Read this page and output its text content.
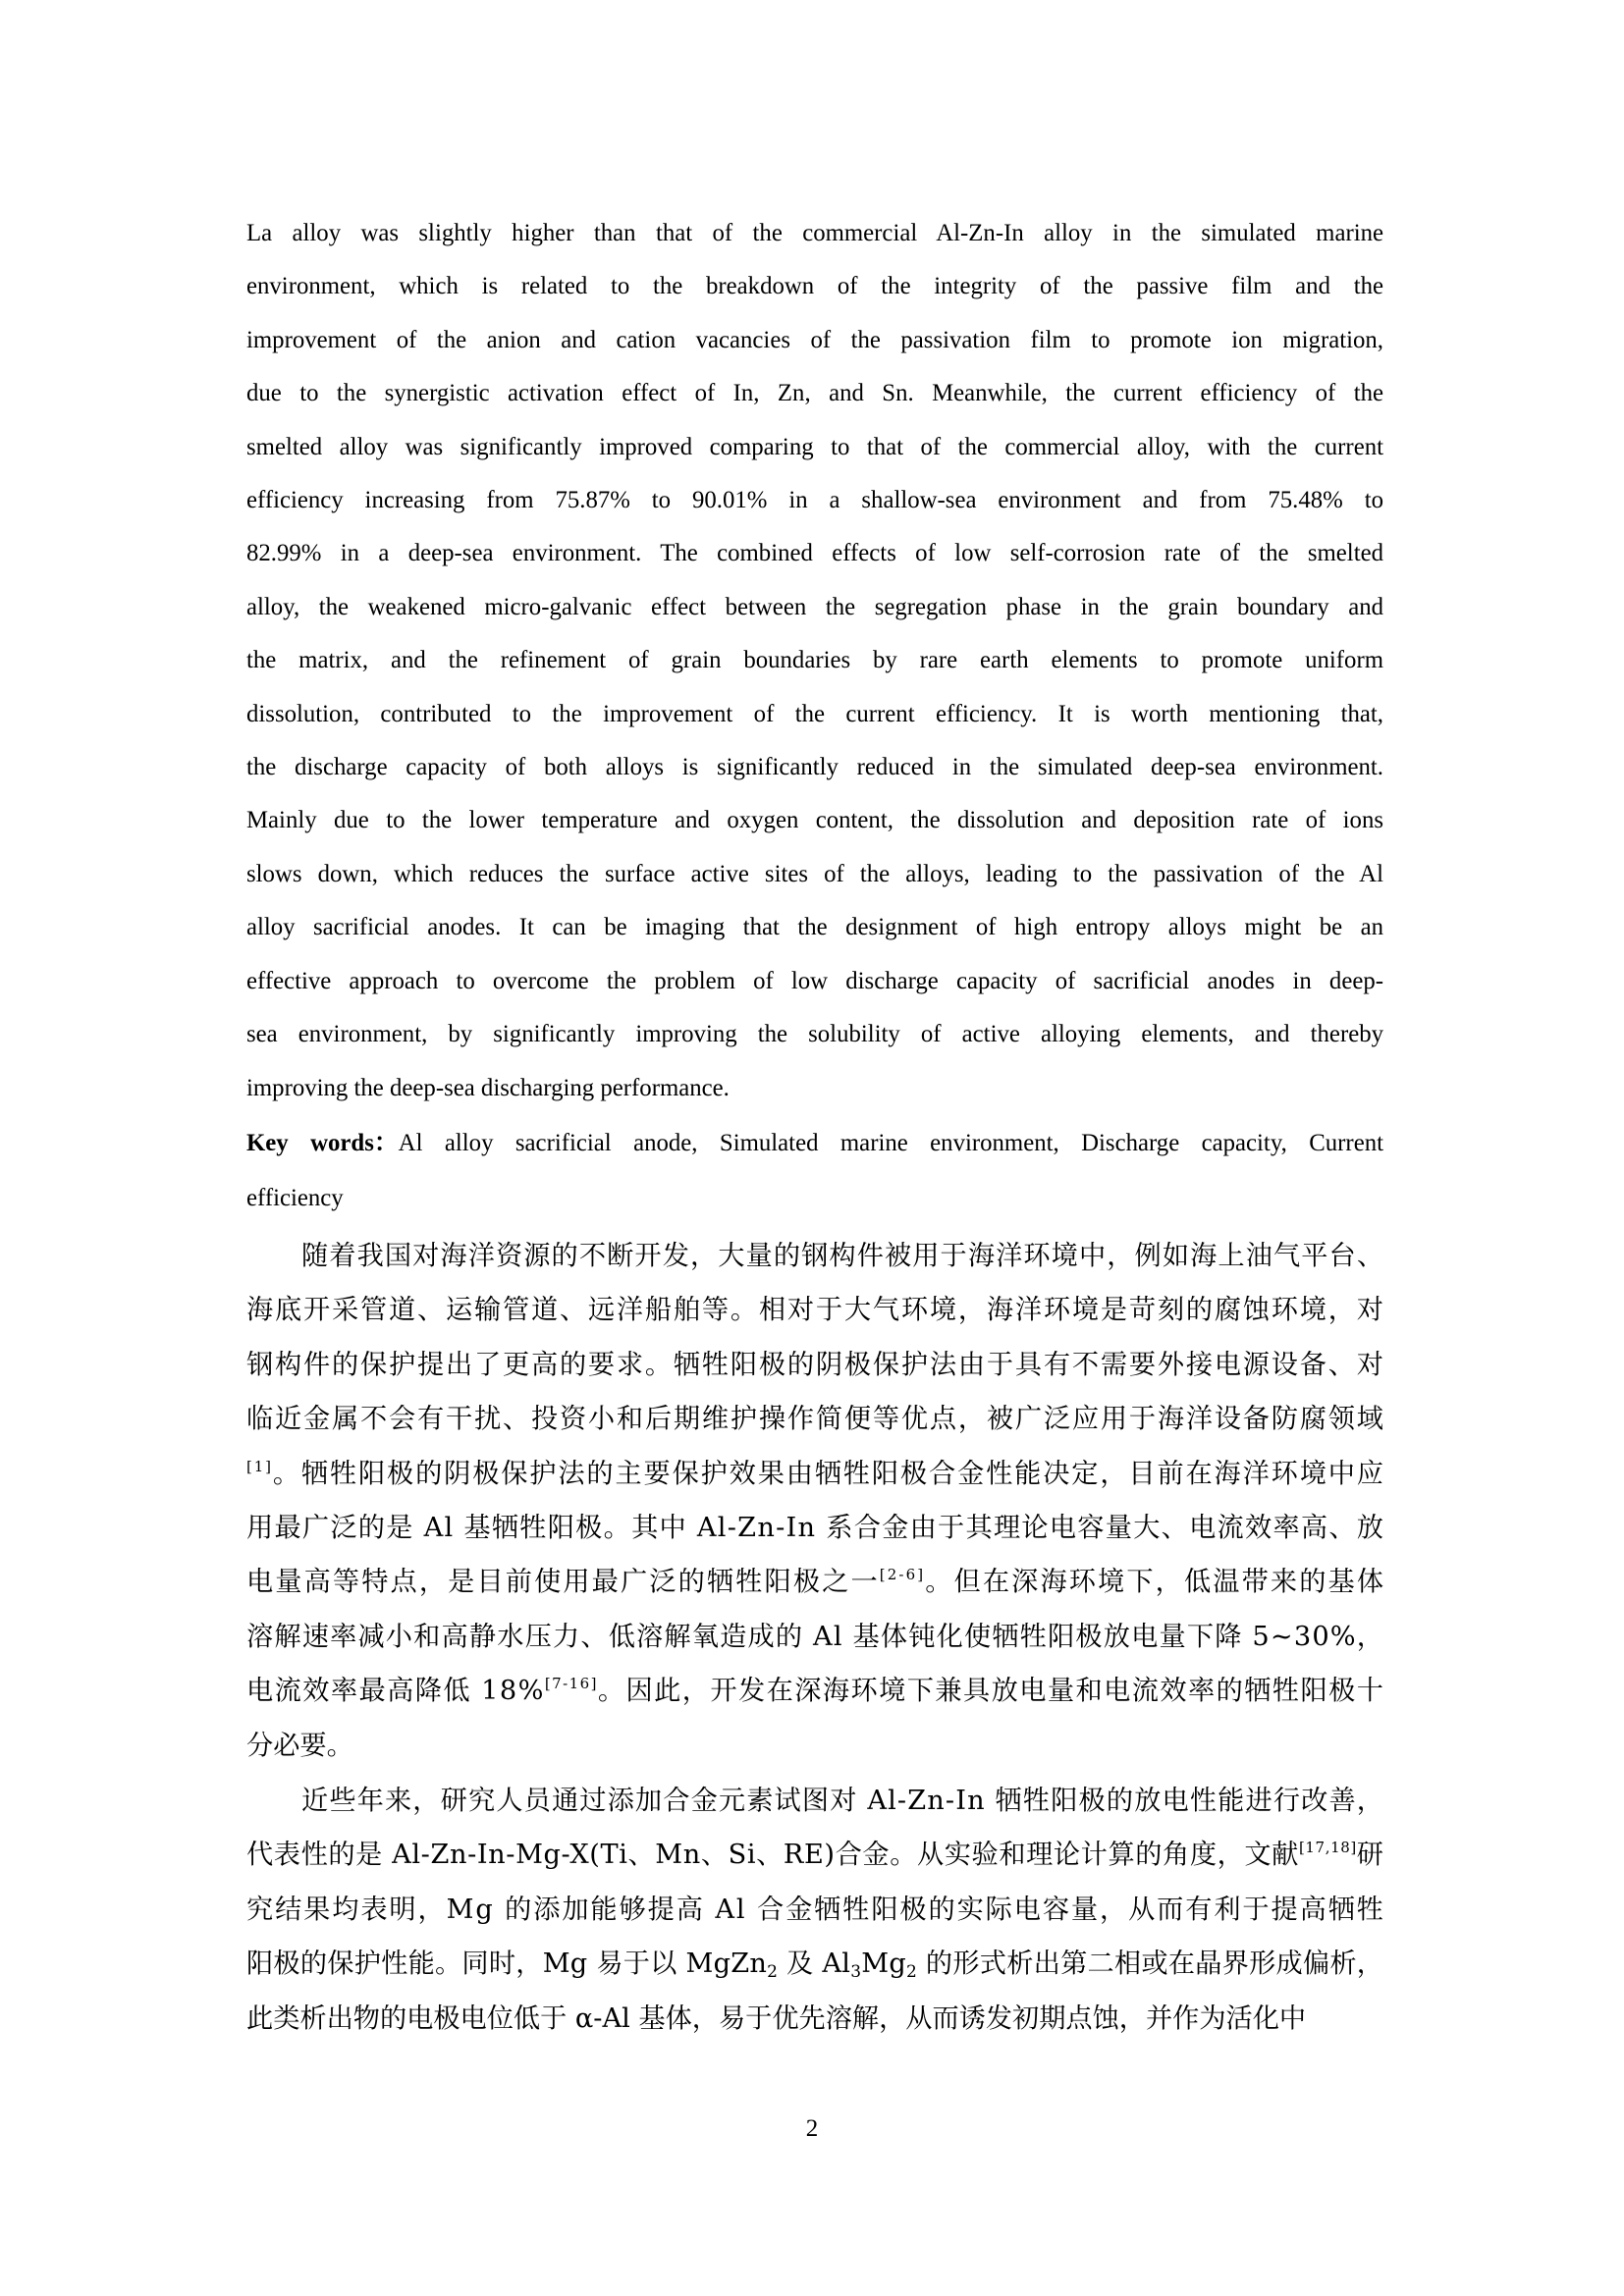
La alloy was slightly higher than that of the commercial Al-Zn-In alloy in the simulated marine
environment, which is related to the breakdown of the integrity of the passive film and the
improvement of the anion and cation vacancies of the passivation film to promote ion migration,
due to the synergistic activation effect of In, Zn, and Sn. Meanwhile, the current efficiency of the
smelted alloy was significantly improved comparing to that of the commercial alloy, with the current
efficiency increasing from 75.87% to 90.01% in a shallow-sea environment and from 75.48% to
82.99% in a deep-sea environment. The combined effects of low self-corrosion rate of the smelted
alloy, the weakened micro-galvanic effect between the segregation phase in the grain boundary and
the matrix, and the refinement of grain boundaries by rare earth elements to promote uniform
dissolution, contributed to the improvement of the current efficiency. It is worth mentioning that,
the discharge capacity of both alloys is significantly reduced in the simulated deep-sea environment.
Mainly due to the lower temperature and oxygen content, the dissolution and deposition rate of ions
slows down, which reduces the surface active sites of the alloys, leading to the passivation of the Al
alloy sacrificial anodes. It can be imaging that the designment of high entropy alloys might be an
effective approach to overcome the problem of low discharge capacity of sacrificial anodes in deep-
sea environment, by significantly improving the solubility of active alloying elements, and thereby
improving the deep-sea discharging performance.
Key words：Al alloy sacrificial anode, Simulated marine environment, Discharge capacity, Current
efficiency
随着我国对海洋资源的不断开发，大量的钢构件被用于海洋环境中，例如海上油气平台、
海底开采管道、运输管道、远洋船舶等。相对于大气环境，海洋环境是苛刻的腐蚀环境，对
钢构件的保护提出了更高的要求。牺牲阳极的阴极保护法由于具有不需要外接电源设备、对
临近金属不会有干扰、投资小和后期维护操作简便等优点，被广泛应用于海洋设备防腐领域
[1]。牺牲阳极的阴极保护法的主要保护效果由牺牲阳极合金性能决定，目前在海洋环境中应
用最广泛的是 Al 基牺牲阳极。其中 Al-Zn-In 系合金由于其理论电容量大、电流效率高、放
电量高等特点，是目前使用最广泛的牺牲阳极之一[2-6]。但在深海环境下，低温带来的基体
溶解速率减小和高静水压力、低溶解氧造成的 Al 基体钝化使牺牲阳极放电量下降 5~30%，
电流效率最高降低 18%[7-16]。因此，开发在深海环境下兼具放电量和电流效率的牺牲阳极十
分必要。
近些年来，研究人员通过添加合金元素试图对 Al-Zn-In 牺牲阳极的放电性能进行改善，
代表性的是 Al-Zn-In-Mg-X(Ti、Mn、Si、RE)合金。从实验和理论计算的角度，文献[17,18]研
究结果均表明，Mg 的添加能够提高 Al 合金牺牲阳极的实际电容量，从而有利于提高牺牲
阳极的保护性能。同时，Mg 易于以 MgZn$_2$ 及 $Al_3Mg_2$ 的形式析出第二相或在晶界形成偏析，
此类析出物的电极电位低于 α-Al 基体，易于优先溶解，从而诱发初期点蚀，并作为活化中
2
